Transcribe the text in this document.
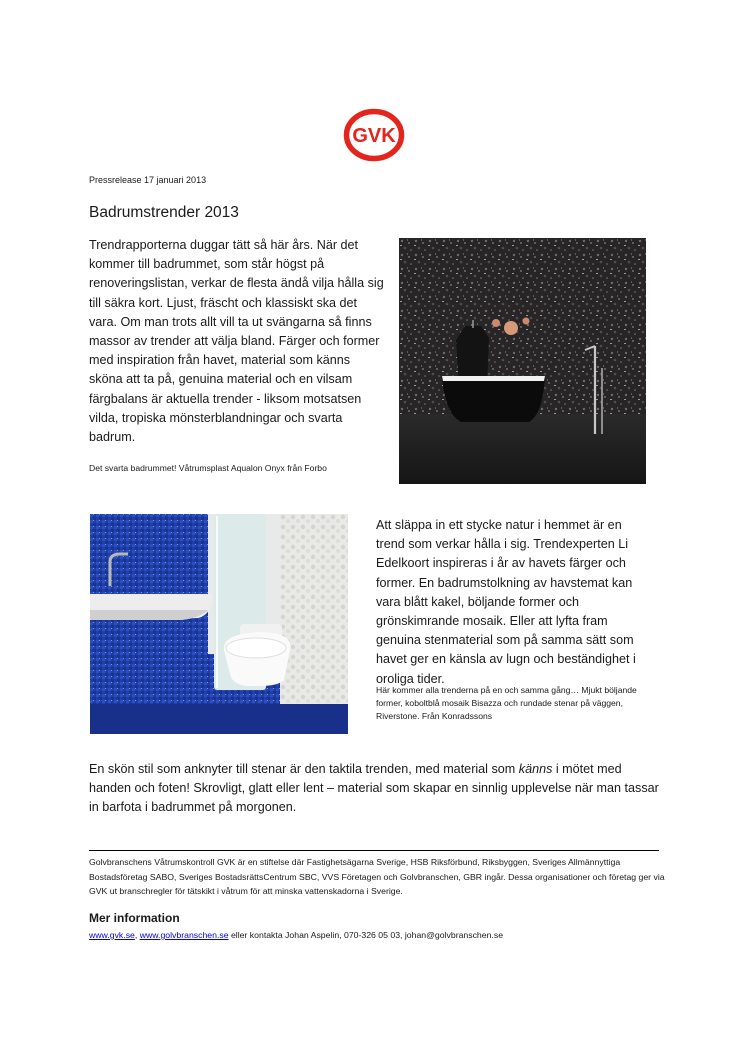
GVK
Pressrelease 17 januari 2013
Badrumstrender 2013

Trendrapporterna duggar tätt så här års. När det kommer till badrummet, som står högst på renoveringslistan, verkar de flesta ändå vilja hålla sig till säkra kort. Ljust, fräscht och klassiskt ska det vara. Om man trots allt vill ta ut svängarna så finns massor av trender att välja bland. Färger och former med inspiration från havet, material som känns sköna att ta på, genuina material och en vilsam färgbalans är aktuella trender - liksom motsatsen vilda, tropiska mönsterblandningar och svarta badrum.

Det svarta badrummet! Våtrumsplast Aqualon Onyx från Forbo

Att släppa in ett stycke natur i hemmet är en trend som verkar hålla i sig. Trendexperten Li Edelkoort inspireras i år av havets färger och former. En badrumstolkning av havstemat kan vara blått kakel, böljande former och grönskimrande mosaik. Eller att lyfta fram genuina stenmaterial som på samma sätt som havet ger en känsla av lugn och beständighet i oroliga tider.

Här kommer alla trenderna på en och samma gång… Mjukt böljande former, koboltblå mosaik Bisazza och rundade stenar på väggen, Riverstone. Från Konradssons

En skön stil som anknyter till stenar är den taktila trenden, med material som känns i mötet med handen och foten! Skrovligt, glatt eller lent – material som skapar en sinnlig upplevelse när man tassar in barfota i badrummet på morgonen.

Golvbranschens Våtrumskontroll GVK är en stiftelse där Fastighetsägarna Sverige, HSB Riksförbund, Riksbyggen, Sveriges Allmännyttiga Bostadsföretag SABO, Sveriges BostadsrättsCentrum SBC, VVS Företagen och Golvbranschen, GBR ingår. Dessa organisationer och företag ger via GVK ut branschregler för tätskikt i våtrum för att minska vattenskadorna i Sverige.

Mer information

www.gvk.se, www.golvbranschen.se eller kontakta Johan Aspelin, 070-326 05 03, johan@golvbranschen.se
